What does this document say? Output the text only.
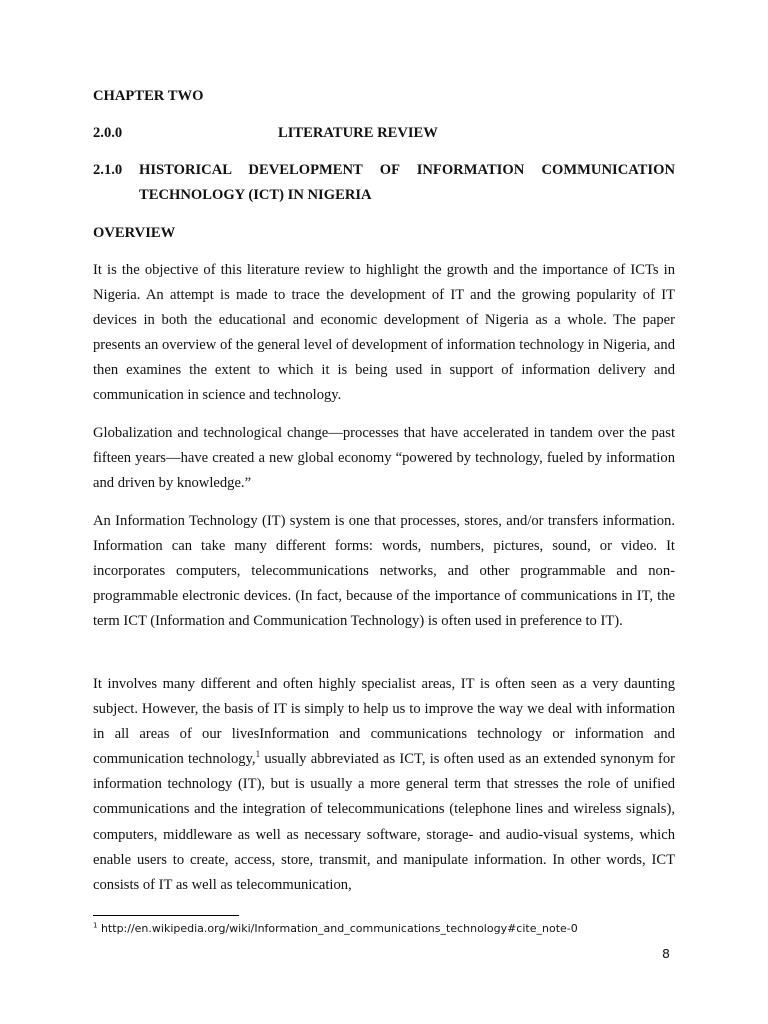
CHAPTER TWO
2.0.0	LITERATURE REVIEW
2.1.0 HISTORICAL DEVELOPMENT OF INFORMATION COMMUNICATION TECHNOLOGY (ICT) IN NIGERIA
OVERVIEW

It is the objective of this literature review to highlight the growth and the importance of ICTs in Nigeria. An attempt is made to trace the development of IT and the growing popularity of IT devices in both the educational and economic development of Nigeria as a whole. The paper presents an overview of the general level of development of information technology in Nigeria, and then examines the extent to which it is being used in support of information delivery and communication in science and technology.

Globalization and technological change—processes that have accelerated in tandem over the past fifteen years—have created a new global economy “powered by technology, fueled by information and driven by knowledge.”

An Information Technology (IT) system is one that processes, stores, and/or transfers information. Information can take many different forms: words, numbers, pictures, sound, or video. It incorporates computers, telecommunications networks, and other programmable and non- programmable electronic devices. (In fact, because of the importance of communications in IT, the term ICT (Information and Communication Technology) is often used in preference to IT).

It involves many different and often highly specialist areas, IT is often seen as a very daunting subject. However, the basis of IT is simply to help us to improve the way we deal with information in all areas of our livesInformation and communications technology or information and communication technology,$^1$ usually abbreviated as ICT, is often used as an extended synonym for information technology (IT), but is usually a more general term that stresses the role of unified communications and the integration of telecommunications (telephone lines and wireless signals), computers, middleware as well as necessary software, storage- and audio-visual systems, which enable users to create, access, store, transmit, and manipulate information. In other words, ICT consists of IT as well as telecommunication,

$^1$ http://en.wikipedia.org/wiki/Information_and_communications_technology#cite_note-0
8
